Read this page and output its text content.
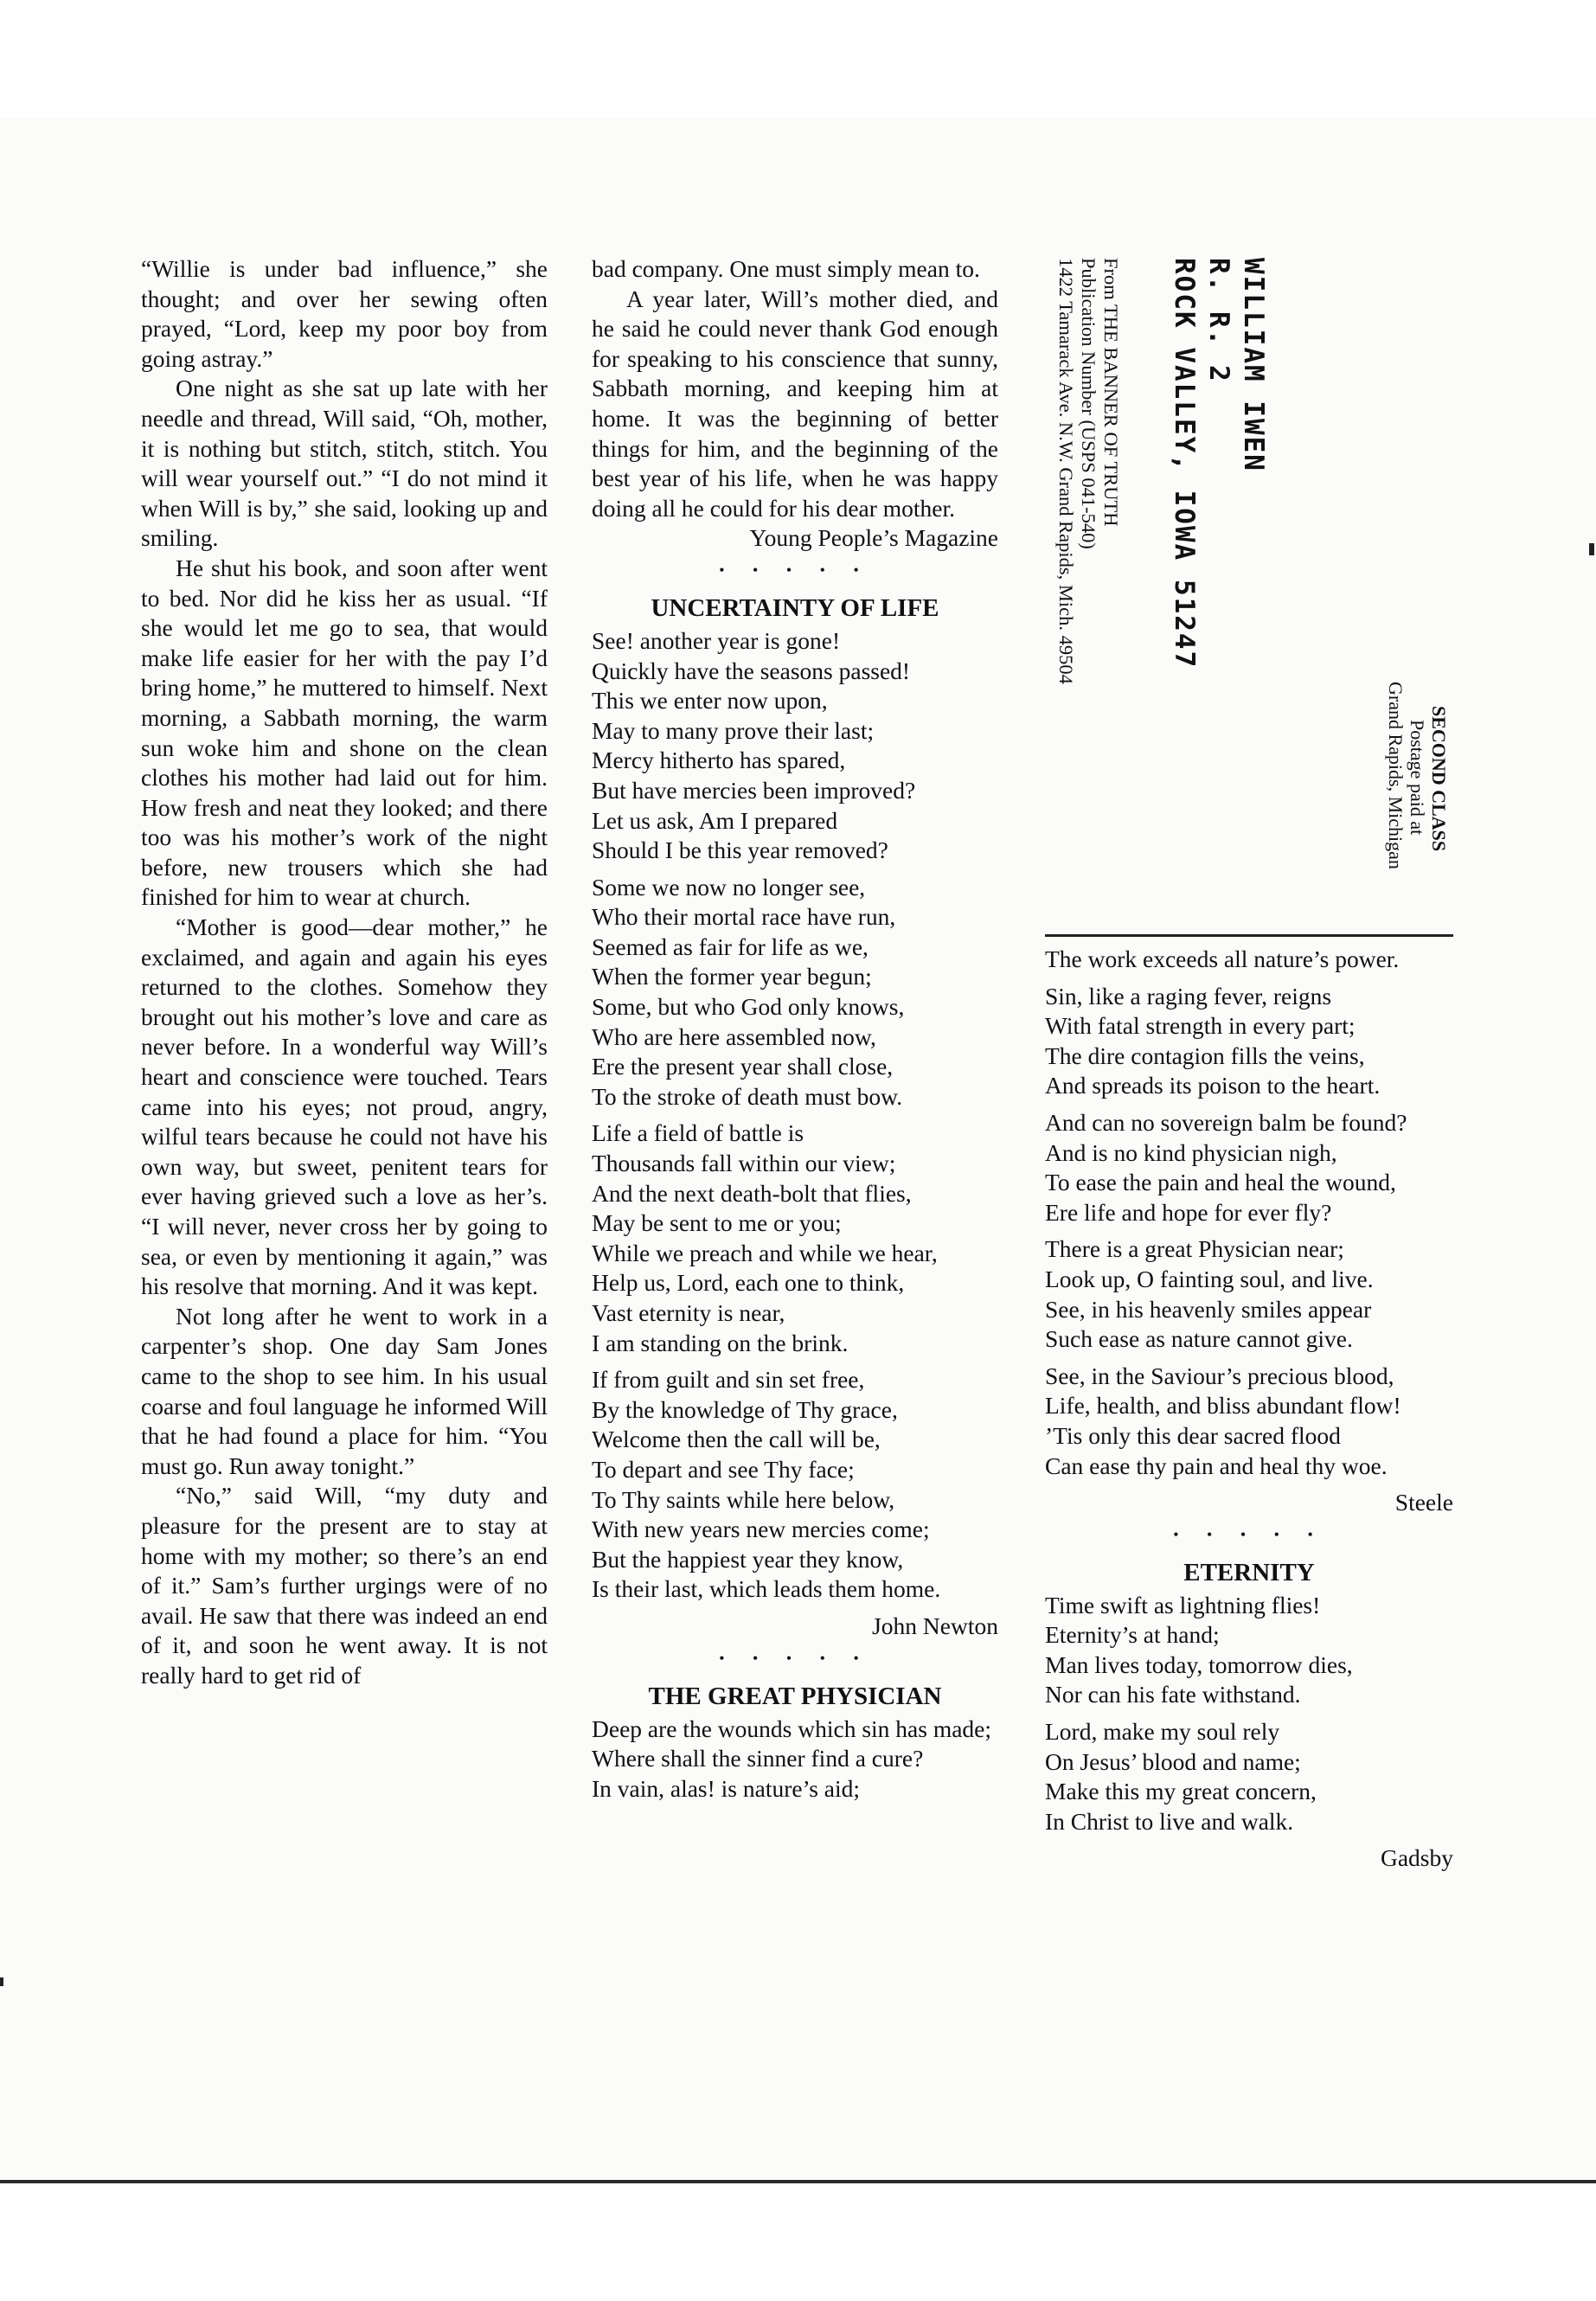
“Willie is under bad influence,” she thought; and over her sewing often prayed, “Lord, keep my poor boy from going astray.”

One night as she sat up late with her needle and thread, Will said, “Oh, mother, it is nothing but stitch, stitch, stitch. You will wear yourself out.” “I do not mind it when Will is by,” she said, looking up and smiling.

He shut his book, and soon after went to bed. Nor did he kiss her as usual. “If she would let me go to sea, that would make life easier for her with the pay I’d bring home,” he muttered to himself. Next morning, a Sabbath morning, the warm sun woke him and shone on the clean clothes his mother had laid out for him. How fresh and neat they looked; and there too was his mother’s work of the night before, new trousers which she had finished for him to wear at church.

“Mother is good—dear mother,” he exclaimed, and again and again his eyes returned to the clothes. Somehow they brought out his mother’s love and care as never before. In a wonderful way Will’s heart and conscience were touched. Tears came into his eyes; not proud, angry, wilful tears because he could not have his own way, but sweet, penitent tears for ever having grieved such a love as her’s. “I will never, never cross her by going to sea, or even by mentioning it again,” was his resolve that morning. And it was kept.

Not long after he went to work in a carpenter’s shop. One day Sam Jones came to the shop to see him. In his usual coarse and foul language he informed Will that he had found a place for him. “You must go. Run away tonight.”

“No,” said Will, “my duty and pleasure for the present are to stay at home with my mother; so there’s an end of it.” Sam’s further urgings were of no avail. He saw that there was indeed an end of it, and soon he went away. It is not really hard to get rid of

bad company. One must simply mean to.

A year later, Will’s mother died, and he said he could never thank God enough for speaking to his conscience that sunny, Sabbath morning, and keeping him at home. It was the beginning of better things for him, and the beginning of the best year of his life, when he was happy doing all he could for his dear mother.

Young People’s Magazine
• • • • •
UNCERTAINTY OF LIFE
See! another year is gone!
Quickly have the seasons passed!
This we enter now upon,
May to many prove their last;
Mercy hitherto has spared,
But have mercies been improved?
Let us ask, Am I prepared
Should I be this year removed?
Some we now no longer see,
Who their mortal race have run,
Seemed as fair for life as we,
When the former year begun;
Some, but who God only knows,
Who are here assembled now,
Ere the present year shall close,
To the stroke of death must bow.
Life a field of battle is
Thousands fall within our view;
And the next death-bolt that flies,
May be sent to me or you;
While we preach and while we hear,
Help us, Lord, each one to think,
Vast eternity is near,
I am standing on the brink.
If from guilt and sin set free,
By the knowledge of Thy grace,
Welcome then the call will be,
To depart and see Thy face;
To Thy saints while here below,
With new years new mercies come;
But the happiest year they know,
Is their last, which leads them home.
John Newton
• • • • •
THE GREAT PHYSICIAN
Deep are the wounds which sin has made;
Where shall the sinner find a cure?
In vain, alas! is nature’s aid;
WILLIAM IWEN
R. R. 2
ROCK VALLEY, IOWA 51247
From THE BANNER OF TRUTH
Publication Number (USPS 041-540)
1422 Tamarack Ave. N.W. Grand Rapids, Mich. 49504
SECOND CLASS
Postage paid at
Grand Rapids, Michigan
The work exceeds all nature’s power.
Sin, like a raging fever, reigns
With fatal strength in every part;
The dire contagion fills the veins,
And spreads its poison to the heart.
And can no sovereign balm be found?
And is no kind physician nigh,
To ease the pain and heal the wound,
Ere life and hope for ever fly?
There is a great Physician near;
Look up, O fainting soul, and live.
See, in his heavenly smiles appear
Such ease as nature cannot give.
See, in the Saviour’s precious blood,
Life, health, and bliss abundant flow!
’Tis only this dear sacred flood
Can ease thy pain and heal thy woe.
Steele
• • • • •
ETERNITY
Time swift as lightning flies!
Eternity’s at hand;
Man lives today, tomorrow dies,
Nor can his fate withstand.
Lord, make my soul rely
On Jesus’ blood and name;
Make this my great concern,
In Christ to live and walk.
Gadsby
